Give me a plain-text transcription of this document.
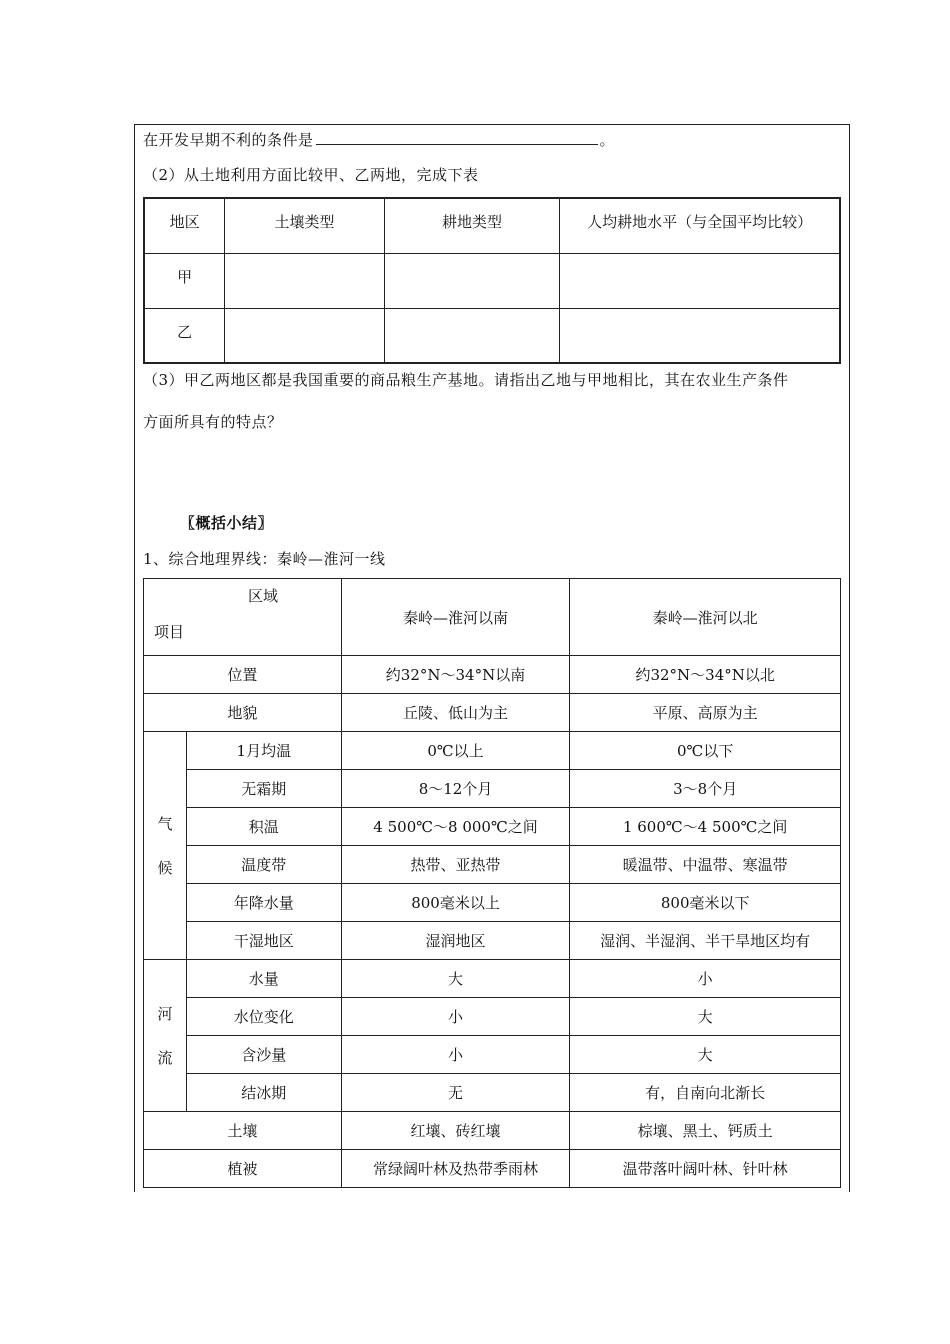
在开发早期不利的条件是	。
（2）从土地利用方面比较甲、乙两地，完成下表
地区	土壤类型	耕地类型	人均耕地水平（与全国平均比较）
甲			
乙			
（3）甲乙两地区都是我国重要的商品粮生产基地。请指出乙地与甲地相比，其在农业生产条件
方面所具有的特点？
〖概括小结〗
1、综合地理界线：秦岭—淮河一线
区域
项目		秦岭—淮河以南	秦岭—淮河以北
位置		约32°N～34°N以南	约32°N～34°N以北
地貌		丘陵、低山为主	平原、高原为主

气
候	1月均温	0℃以上	0℃以下
	无霜期	8～12个月	3～8个月
	积温	4 500℃～8 000℃之间	1 600℃～4 500℃之间
	温度带	热带、亚热带	暖温带、中温带、寒温带
	年降水量	800毫米以上	800毫米以下
	干湿地区	湿润地区	湿润、半湿润、半干旱地区均有

河
流	水量	大	小
	水位变化	小	大
	含沙量	小	大
	结冰期	无	有，自南向北渐长
土壤		红壤、砖红壤	棕壤、黑土、钙质土
植被		常绿阔叶林及热带季雨林	温带落叶阔叶林、针叶林
